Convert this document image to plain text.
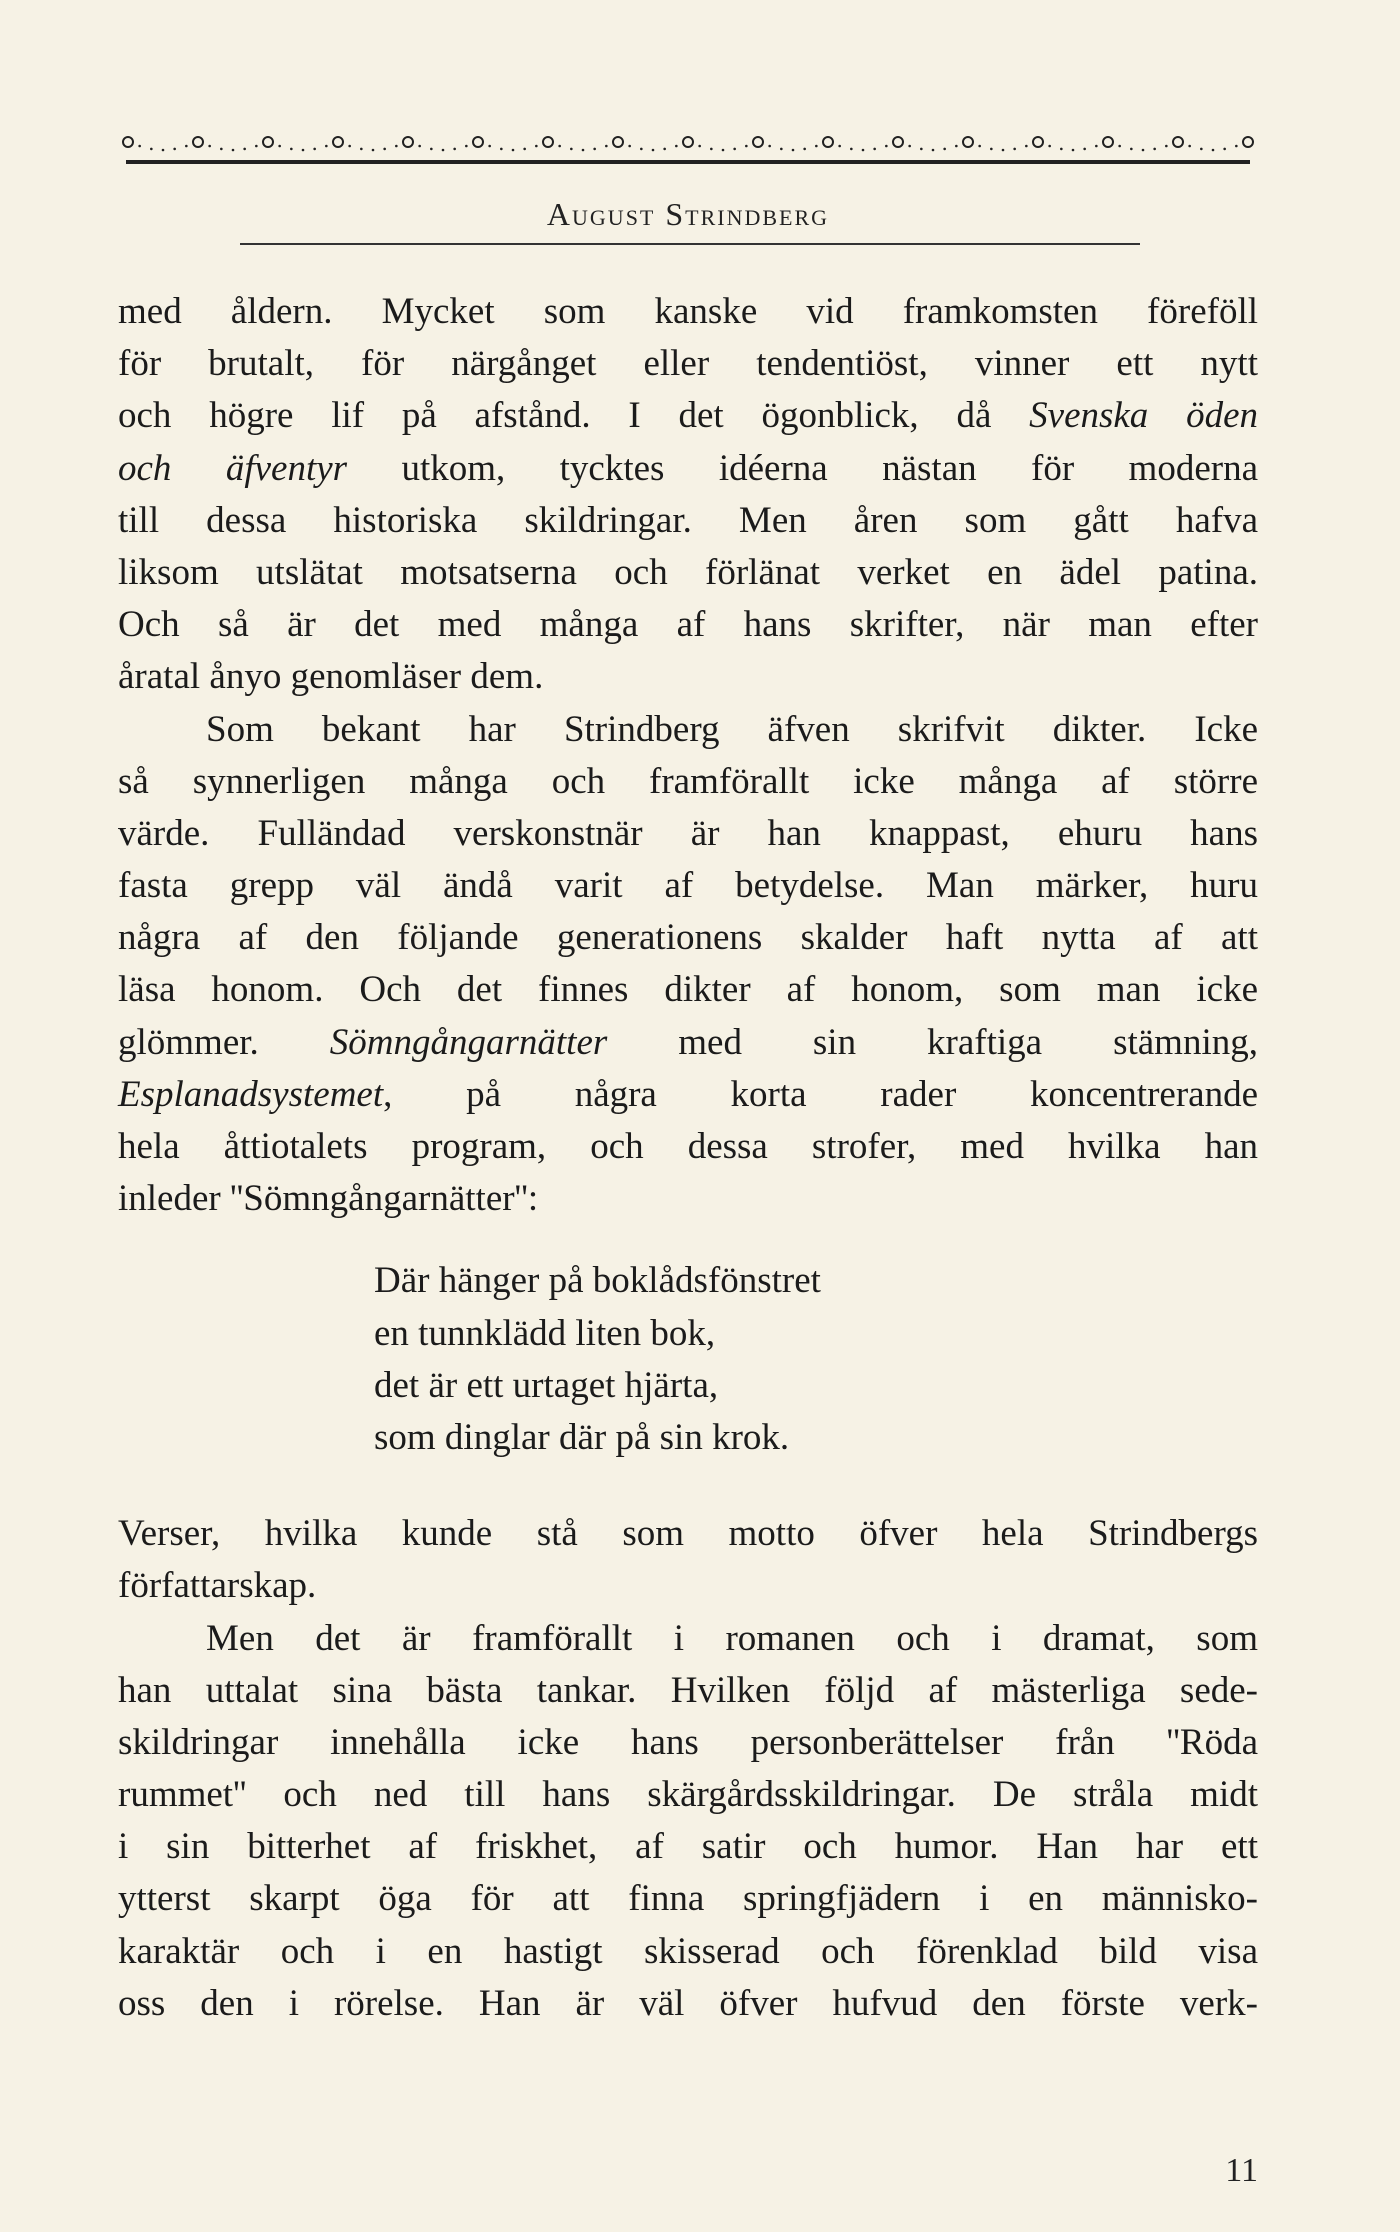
August Strindberg
med åldern. Mycket som kanske vid framkomsten föreföll
för brutalt, för närgånget eller tendentiöst, vinner ett nytt
och högre lif på afstånd. I det ögonblick, då Svenska öden
och äfventyr utkom, tycktes idéerna nästan för moderna
till dessa historiska skildringar. Men åren som gått hafva
liksom utslätat motsatserna och förlänat verket en ädel patina.
Och så är det med många af hans skrifter, när man efter
åratal ånyo genomläser dem.
Som bekant har Strindberg äfven skrifvit dikter. Icke
så synnerligen många och framförallt icke många af större
värde. Fulländad verskonstnär är han knappast, ehuru hans
fasta grepp väl ändå varit af betydelse. Man märker, huru
några af den följande generationens skalder haft nytta af att
läsa honom. Och det finnes dikter af honom, som man icke
glömmer. Sömngångarnätter med sin kraftiga stämning,
Esplanadsystemet, på några korta rader koncentrerande
hela åttiotalets program, och dessa strofer, med hvilka han
inleder ''Sömngångarnätter'':
Där hänger på boklådsfönstret
en tunnklädd liten bok,
det är ett urtaget hjärta,
som dinglar där på sin krok.
Verser, hvilka kunde stå som motto öfver hela Strindbergs
författarskap.
Men det är framförallt i romanen och i dramat, som
han uttalat sina bästa tankar. Hvilken följd af mästerliga sede-
skildringar innehålla icke hans personberättelser från ''Röda
rummet'' och ned till hans skärgårdsskildringar. De stråla midt
i sin bitterhet af friskhet, af satir och humor. Han har ett
ytterst skarpt öga för att finna springfjädern i en människo-
karaktär och i en hastigt skisserad och förenklad bild visa
oss den i rörelse. Han är väl öfver hufvud den förste verk-
11
